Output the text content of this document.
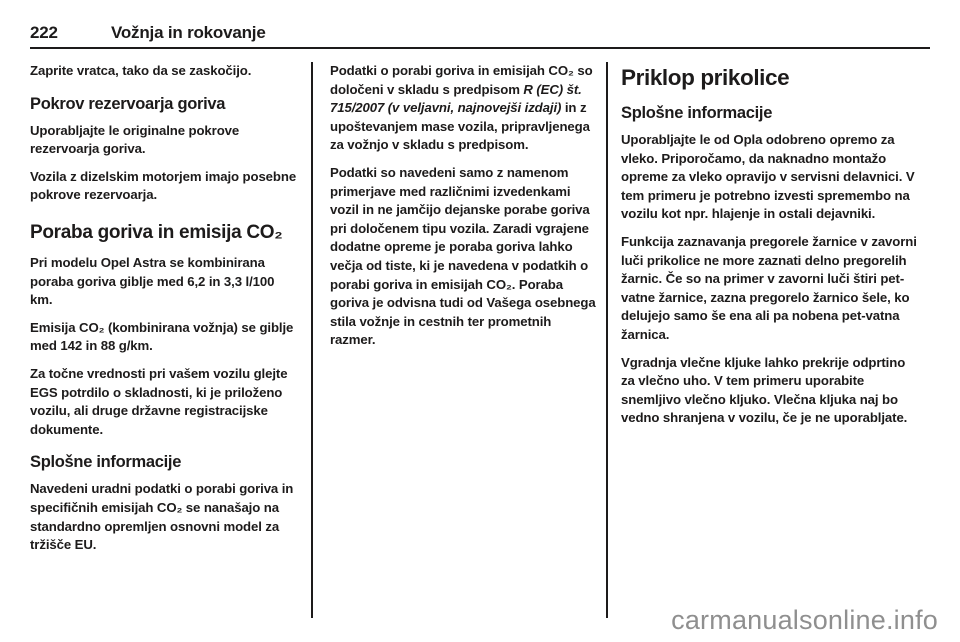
222	Vožnja in rokovanje

Zaprite vratca, tako da se zaskočijo.

Pokrov rezervoarja goriva

Uporabljajte le originalne pokrove rezervoarja goriva.

Vozila z dizelskim motorjem imajo posebne pokrove rezervoarja.

Poraba goriva in emisija CO₂

Pri modelu Opel Astra se kombinirana poraba goriva giblje med 6,2 in 3,3 l/100 km.

Emisija CO₂ (kombinirana vožnja) se giblje med 142 in 88 g/km.

Za točne vrednosti pri vašem vozilu glejte EGS potrdilo o skladnosti, ki je priloženo vozilu, ali druge državne registracijske dokumente.

Splošne informacije

Navedeni uradni podatki o porabi goriva in specifičnih emisijah CO₂ se nanašajo na standardno opremljen osnovni model za tržišče EU.

Podatki o porabi goriva in emisijah CO₂ so določeni v skladu s predpisom R (EC) št. 715/2007 (v veljavni, najnovejši izdaji) in z upoštevanjem mase vozila, pripravljenega za vožnjo v skladu s predpisom.

Podatki so navedeni samo z namenom primerjave med različnimi izvedenkami vozil in ne jamčijo dejanske porabe goriva pri določenem tipu vozila. Zaradi vgrajene dodatne opreme je poraba goriva lahko večja od tiste, ki je navedena v podatkih o porabi goriva in emisijah CO₂. Poraba goriva je odvisna tudi od Vašega osebnega stila vožnje in cestnih ter prometnih razmer.

Priklop prikolice
Splošne informacije

Uporabljajte le od Opla odobreno opremo za vleko. Priporočamo, da naknadno montažo opreme za vleko opravijo v servisni delavnici. V tem primeru je potrebno izvesti spremembo na vozilu kot npr. hlajenje in ostali dejavniki.

Funkcija zaznavanja pregorele žarnice v zavorni luči prikolice ne more zaznati delno pregorelih žarnic. Če so na primer v zavorni luči štiri pet-vatne žarnice, zazna pregorelo žarnico šele, ko delujejo samo še ena ali pa nobena pet-vatna žarnica.

Vgradnja vlečne kljuke lahko prekrije odprtino za vlečno uho. V tem primeru uporabite snemljivo vlečno kljuko. Vlečna kljuka naj bo vedno shranjena v vozilu, če je ne uporabljate.

carmanualsonline.info
